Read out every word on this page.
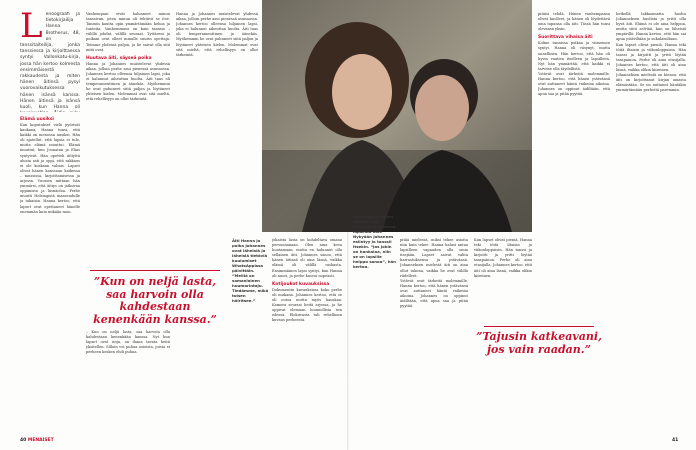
L enoograafi ja tietokirjailija Hanna Brotherus, 48, on tanssitaiteilija, jonka tanssiessa ja kirjoittaessa syntyi Vallonkatu-kirja, jossa hän kertoo kolmesta ensimmäisestä rakkaudesta ja miten hänen äitinsä pysyi vuorovaikutuksessa hänen isänsä kanssa. Hänen äitinsä ja isänsä kuoli, kun Hanna oli
Elämä uusiksi

Kun koputukset vielä pyörivät kaukana, Hanna tunsi, että kaikki on menossa uusiksi. Hän oli ajatellut, että lapsia ei tule, mutta elämä muuttui. Elämä muuttui, kun Joonatan ja Elias syntyivät. Hän opetteli äitiyttä alusta asti ja oppi, että rakkaus ei ole koskaan valmis. Lapset olivat hänen kanssaan kaikessa – tanssissa, kirjoittamisessa ja arjessa. Vuosien mittaan hän ymmärsi, että äitiys on jatkuvaa oppimista ja läsnäoloa. Perhe muutti Helsingistä maaseudulle ja takaisin. Hanna kertoo, että lapset ovat opettaneet hänelle enemmän kuin mikään muu.

Vanhempani eivät halunneet minun tanssivan, joten minun oli tehtävä se itse. Tanssin kautta opin ymmärtämään kehoa ja tunteita. Vanhemmuus on kuin tanssia – välillä johdat, välillä seuraat. Tyttäreni ja poikani ovat olleet minulle suurin opettaja. Teimme yhdessä paljon, ja he saivat olla sitä mitä ovat.

Huutava äiti, säyseä poika

Hanna ja Johannes muistelevat yhdessä aikaa, jolloin perhe asui pienessä asunnossa. Johannes kertoo olleensa hiljainen lapsi, joka ei halunnut aiheuttaa huolta. Äiti taas oli temperamenttinen ja äänekäs. Myöhemmin he ovat puhuneet siitä paljon ja löytäneet yhteisen kielen. Molemmat ovat sitä mieltä, että rehellisyys on ollut tärkeintä.

”Kun on neljä lasta, saa harvoin olla kahdestaan kenenkään kanssa.”

– Kun on neljä lasta, saa harvoin olla kahdestaan kenenkään kanssa. Nyt kun lapset ovat isoja, on ihana tavata heitä yksitellen. Silloin voi puhua asioista, joista ei perheen kesken ehdi puhua.

Hanna ja Johannes muistelevat yhdessä aikaa, jolloin perhe asui pienessä asunnossa. Johannes kertoo olleensa hiljainen lapsi, joka ei halunnut aiheuttaa huolta. Äiti taas oli temperamenttinen ja äänekäs. Myöhemmin he ovat puhuneet siitä paljon ja löytäneet yhteisen kielen. Molemmat ovat sitä mieltä, että rehellisyys on ollut tärkeintä.

Äiti Hanna ja poika Johannes ovat läheisiä ja läheisiä tietäviä kuulumiset WhatsAppissa päivittäin. “Meillä on samanlainen huumorintaju. Tiedämme, mikä toisen häiritsee.”
Johannes ja hänen äitinsä ovat tanssineet yhdessä lapsesta asti. Nykyään Johannes esiintyy ja tanssii itsekin. “Jos jokin on hankalaa, niin se on lapsille helppo sanoa”, hän kertoo.

jokaista lasta on kohdeltava omana persoonanaan. Olen aina kova huutamaan, mutta en halunnut olla sellainen äiti. Johannes sanoo, että hänen äitinsä oli aina läsnä, vaikka elämä oli välillä raskasta. Ensimmäinen lapsi syntyi, kun Hanna oli nuori, ja perhe kasvoi nopeasti.

Kotijoukot kuvauksissa

Dokumentin kuvauksissa koko perhe oli mukana. Johannes kertoo, että se oli outoa mutta myös hauskaa. Kamera seurasi heitä arjessa, ja he oppivat olemaan luonnollisia sen edessä. Elokuvasta tuli rehellinen kuvaus perheestä.

pitää mielessä, miksi tekee asioita niin kuin tekee. Hanna halusi antaa lapsilleen vapauden olla omia itsejään. Lapset saivat valita harrastuksensa ja ystävänsä. Johanneksen mielestä äiti on aina ollut tukena, vaikka he ovat välillä riidelleet.

Ystävät ovat tärkeitä molemmille. Hanna kertoo, että hänen ystävänsä ovat auttaneet häntä vaikeina aikoina. Johannes on oppinut äidiltään, että apua saa ja pitää pyytää.

pitäisi tehdä. Hänen vanhempansa olivat kuolleet, ja hänen oli löydettävä oma tapansa olla äiti. Tässä hän tunsi olevansa yksin.

Suorittava vihaisa äiti

Kolme tunnissa poikaa ja viimeinen syntyi. Hanna oli väsynyt, mutta onnellinen. Hän kertoo, että hän oli hyvin vaativa itselleen ja lapsilleen. Nyt hän ymmärtää, että kaikki ei tarvitse olla täydellistä.

Ystävät ovat tärkeitä molemmille. Hanna kertoo, että hänen ystävänsä ovat auttaneet häntä vaikeina aikoina. Johannes on oppinut äidiltään, että apua saa ja pitää pyytää.

hetkellä lakkaamatta huolta Johanneksen huolista ja yritti olla hyvä äiti. Elämä ei ole aina helppoa, mutta siitä selviää, kun on läheisiä ympärillä. Hanna kertoo, että hän sai apua ystäviltään ja sukulaisiltaan.

Kun lapset olivat pieniä, Hanna teki töitä iltaisin ja viikonloppuisin. Hän tanssi ja kirjoitti ja yritti löytää tasapainon. Perhe oli aina etusijalla. Johannes kertoo, että äiti oli aina läsnä, vaikka olikin kiireinen.

Johanneksen mielestä on hienoa, että äiti on kirjoittanut kirjan omasta elämästään. Se on auttanut häntäkin ymmärtämään perhettä paremmin.

Kun lapset olivat pieniä, Hanna teki töitä iltaisin ja viikonloppuisin. Hän tanssi ja kirjoitti ja yritti löytää tasapainon. Perhe oli aina etusijalla. Johannes kertoo, että äiti oli aina läsnä, vaikka olikin kiireinen.

”Tajusin katkeavani, jos vain raadan.”
40 MENAISET	41
